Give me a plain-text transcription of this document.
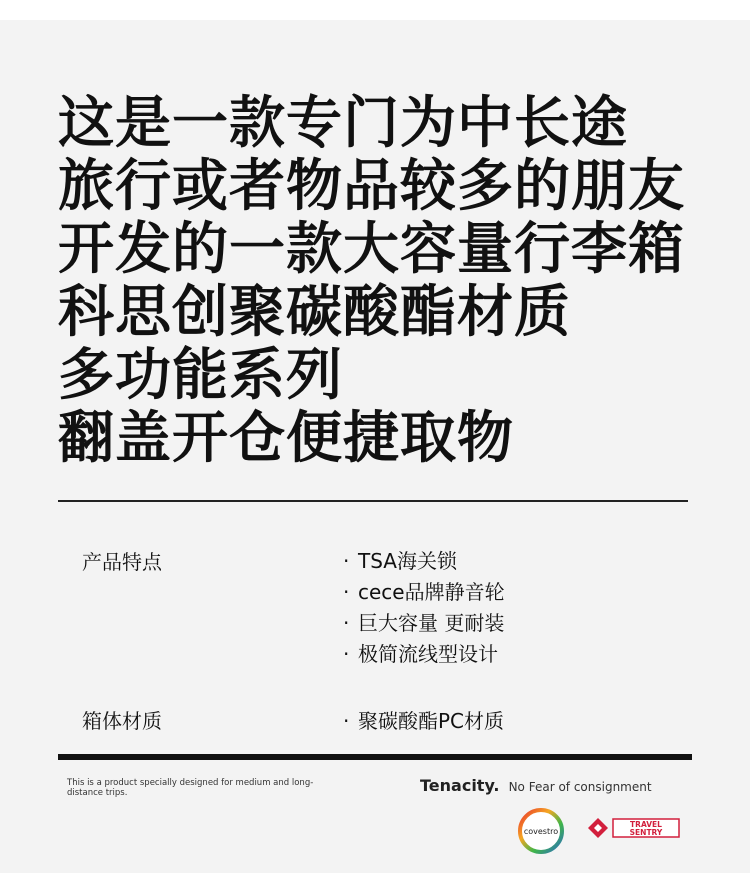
这是一款专门为中长途
旅行或者物品较多的朋友
开发的一款大容量行李箱
科思创聚碳酸酯材质
多功能系列
翻盖开仓便捷取物
产品特点	· TSA海关锁
· cece品牌静音轮
· 巨大容量 更耐装
· 极简流线型设计
箱体材质	· 聚碳酸酯PC材质
This is a product specially designed for medium and long-distance trips.	Tenacity. No Fear of consignment
covestro
TRAVEL
SENTRY
